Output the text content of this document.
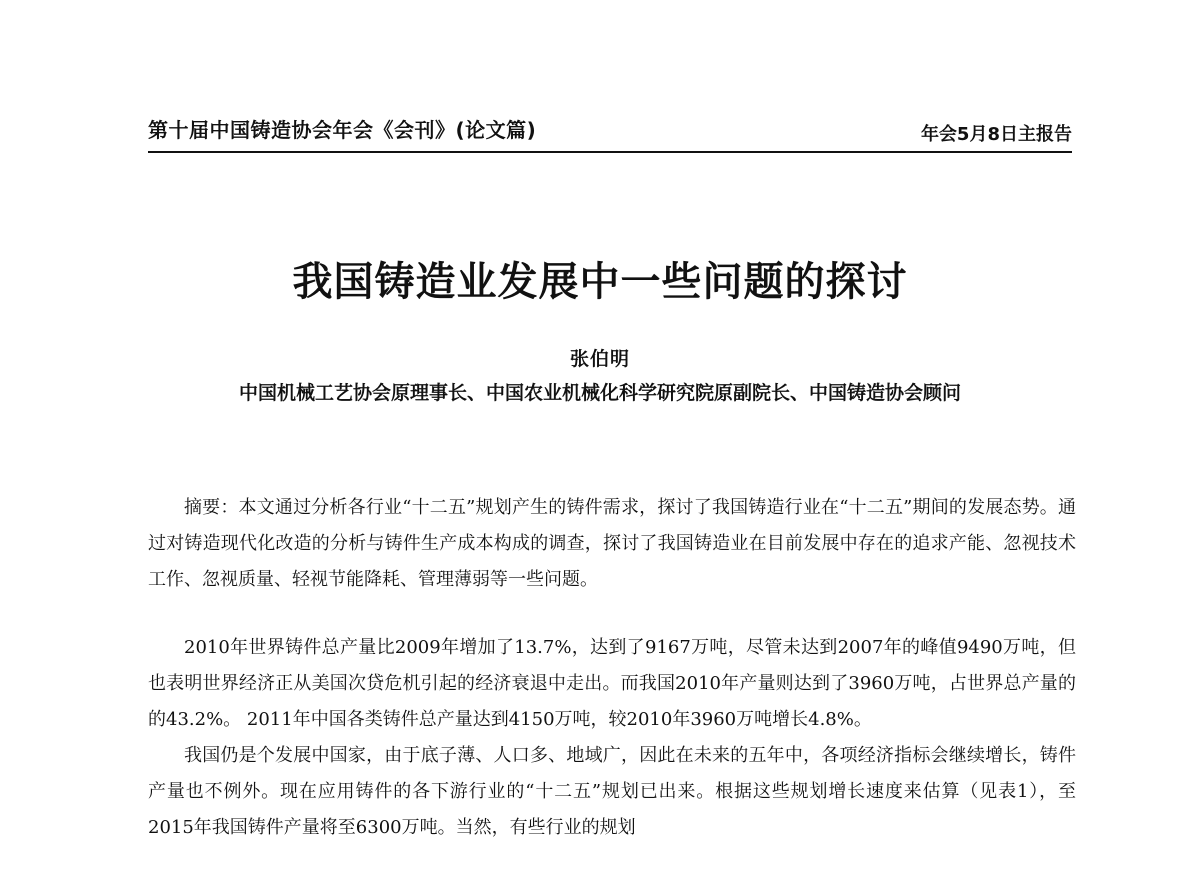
第十届中国铸造协会年会《会刊》(论文篇)	年会5月8日主报告
我国铸造业发展中一些问题的探讨
张伯明
中国机械工艺协会原理事长、中国农业机械化科学研究院原副院长、中国铸造协会顾问

摘要：本文通过分析各行业“十二五”规划产生的铸件需求，探讨了我国铸造行业在“十二五”期间的发展态势。通过对铸造现代化改造的分析与铸件生产成本构成的调查，探讨了我国铸造业在目前发展中存在的追求产能、忽视技术工作、忽视质量、轻视节能降耗、管理薄弱等一些问题。

2010年世界铸件总产量比2009年增加了13.7%，达到了9167万吨，尽管未达到2007年的峰值9490万吨，但也表明世界经济正从美国次贷危机引起的经济衰退中走出。而我国2010年产量则达到了3960万吨，占世界总产量的的43.2%。 2011年中国各类铸件总产量达到4150万吨，较2010年3960万吨增长4.8%。

我国仍是个发展中国家，由于底子薄、人口多、地域广，因此在未来的五年中，各项经济指标会继续增长，铸件产量也不例外。现在应用铸件的各下游行业的“十二五”规划已出来。根据这些规划增长速度来估算（见表1），至2015年我国铸件产量将至6300万吨。当然，有些行业的规划
